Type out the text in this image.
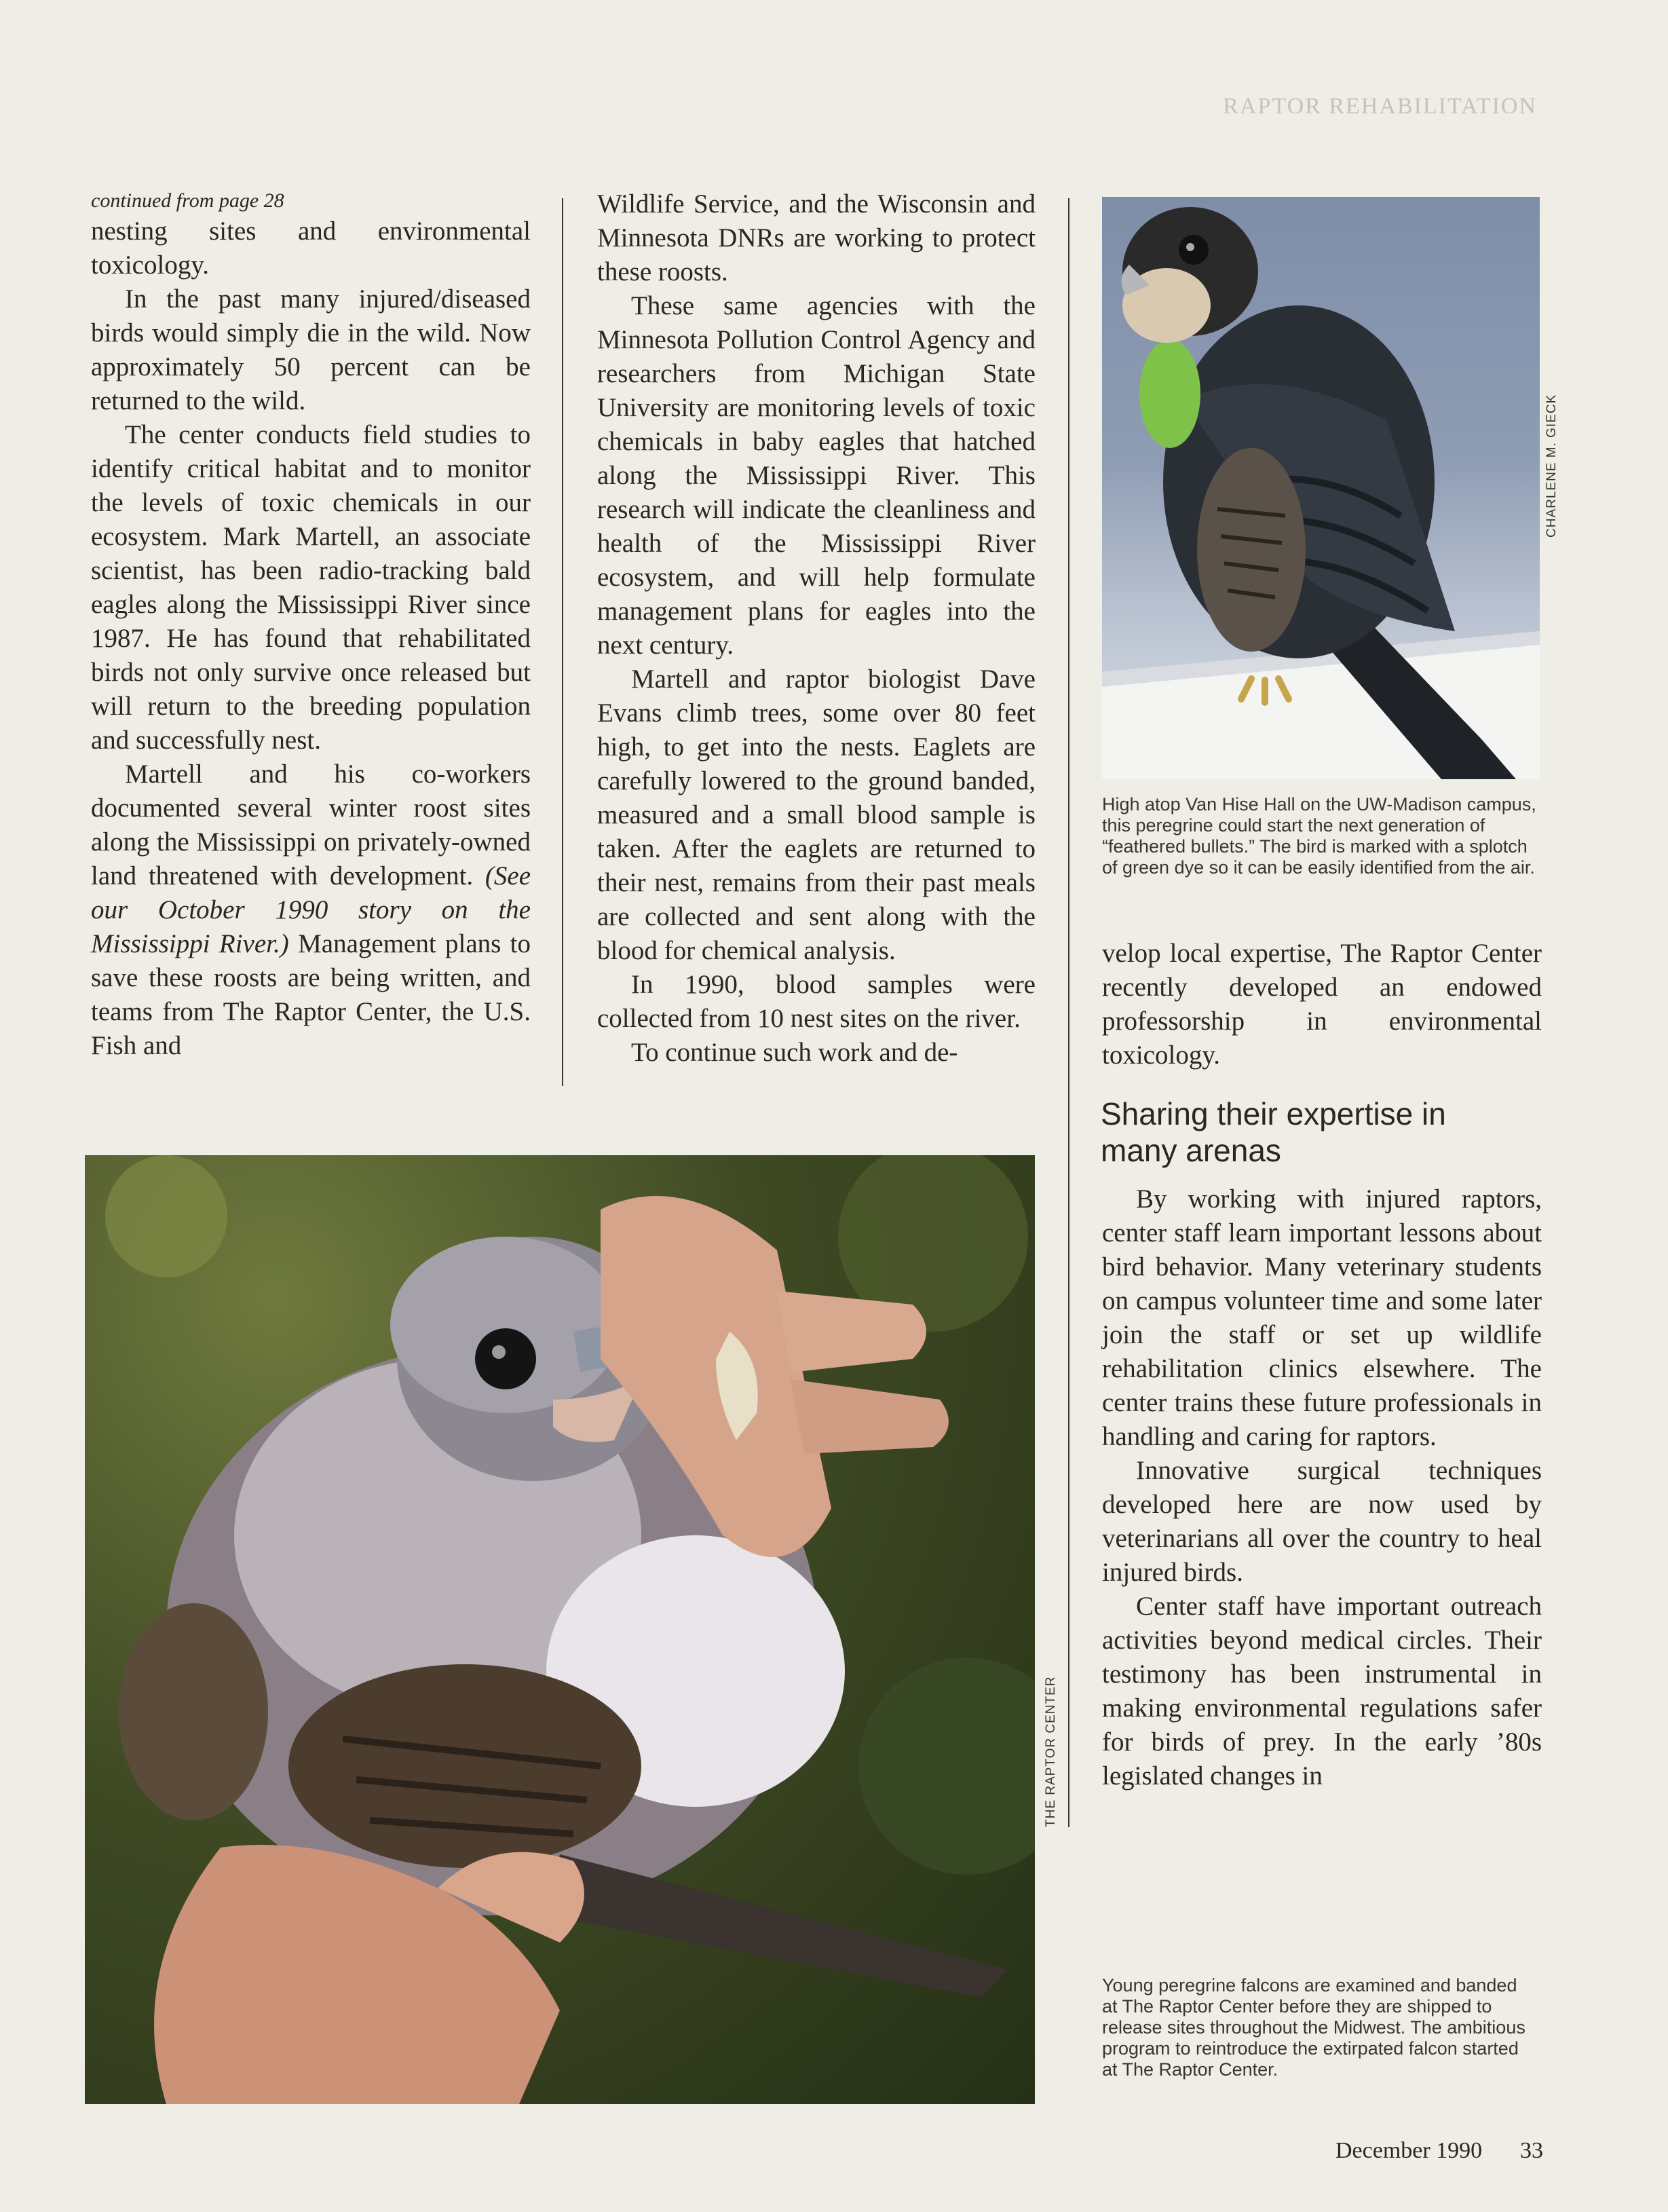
RAPTOR REHABILITATION
continued from page 28

nesting sites and environmental toxicology.

In the past many injured/diseased birds would simply die in the wild. Now approximately 50 percent can be returned to the wild.

The center conducts field studies to identify critical habitat and to monitor the levels of toxic chemicals in our ecosystem. Mark Martell, an associate scientist, has been radio-tracking bald eagles along the Mississippi River since 1987. He has found that rehabilitated birds not only survive once released but will return to the breeding population and successfully nest.

Martell and his co-workers documented several winter roost sites along the Mississippi on privately-owned land threatened with development. (See our October 1990 story on the Mississippi River.) Management plans to save these roosts are being written, and teams from The Raptor Center, the U.S. Fish and

Wildlife Service, and the Wisconsin and Minnesota DNRs are working to protect these roosts.

These same agencies with the Minnesota Pollution Control Agency and researchers from Michigan State University are monitoring levels of toxic chemicals in baby eagles that hatched along the Mississippi River. This research will indicate the cleanliness and health of the Mississippi River ecosystem, and will help formulate management plans for eagles into the next century.

Martell and raptor biologist Dave Evans climb trees, some over 80 feet high, to get into the nests. Eaglets are carefully lowered to the ground banded, measured and a small blood sample is taken. After the eaglets are returned to their nest, remains from their past meals are collected and sent along with the blood for chemical analysis.

In 1990, blood samples were collected from 10 nest sites on the river.

To continue such work and de-

CHARLENE M. GIECK
High atop Van Hise Hall on the UW-Madison campus, this peregrine could start the next generation of “feathered bullets.” The bird is marked with a splotch of green dye so it can be easily identified from the air.

velop local expertise, The Raptor Center recently developed an endowed professorship in environmental toxicology.

Sharing their expertise in many arenas

By working with injured raptors, center staff learn important lessons about bird behavior. Many veterinary students on campus volunteer time and some later join the staff or set up wildlife rehabilitation clinics elsewhere. The center trains these future professionals in handling and caring for raptors.

Innovative surgical techniques developed here are now used by veterinarians all over the country to heal injured birds.

Center staff have important outreach activities beyond medical circles. Their testimony has been instrumental in making environmental regulations safer for birds of prey. In the early ’80s legislated changes in

THE RAPTOR CENTER
Young peregrine falcons are examined and banded at The Raptor Center before they are shipped to release sites throughout the Midwest. The ambitious program to reintroduce the extirpated falcon started at The Raptor Center.
December 1990 33
